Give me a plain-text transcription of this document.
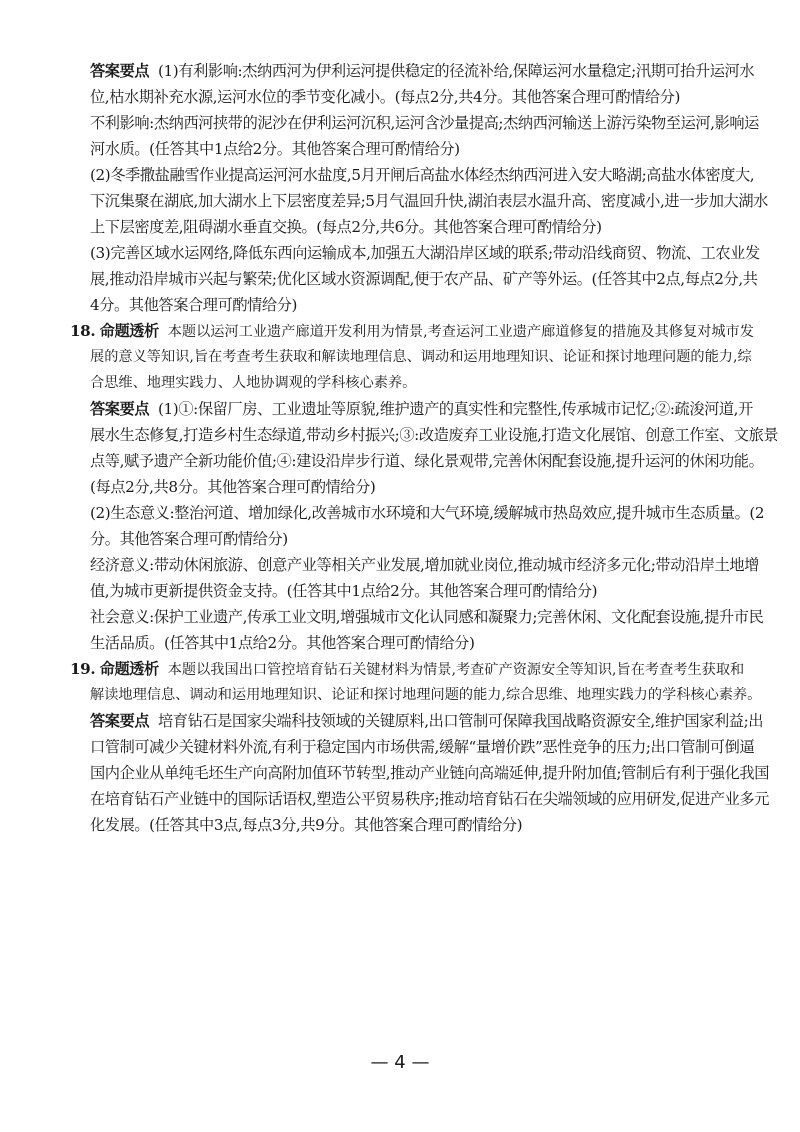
答案要点 (1)有利影响:杰纳西河为伊利运河提供稳定的径流补给,保障运河水量稳定;汛期可抬升运河水
位,枯水期补充水源,运河水位的季节变化减小。(每点2分,共4分。其他答案合理可酌情给分)
不利影响:杰纳西河挟带的泥沙在伊利运河沉积,运河含沙量提高;杰纳西河输送上游污染物至运河,影响运
河水质。(任答其中1点给2分。其他答案合理可酌情给分)
(2)冬季撒盐融雪作业提高运河河水盐度,5月开闸后高盐水体经杰纳西河进入安大略湖;高盐水体密度大,
下沉集聚在湖底,加大湖水上下层密度差异;5月气温回升快,湖泊表层水温升高、密度减小,进一步加大湖水
上下层密度差,阻碍湖水垂直交换。(每点2分,共6分。其他答案合理可酌情给分)
(3)完善区域水运网络,降低东西向运输成本,加强五大湖沿岸区域的联系;带动沿线商贸、物流、工农业发
展,推动沿岸城市兴起与繁荣;优化区域水资源调配,便于农产品、矿产等外运。(任答其中2点,每点2分,共
4分。其他答案合理可酌情给分)
18. 命题透析 本题以运河工业遗产廊道开发利用为情景,考查运河工业遗产廊道修复的措施及其修复对城市发
展的意义等知识,旨在考查考生获取和解读地理信息、调动和运用地理知识、论证和探讨地理问题的能力,综
合思维、地理实践力、人地协调观的学科核心素养。
答案要点 (1)①:保留厂房、工业遗址等原貌,维护遗产的真实性和完整性,传承城市记忆;②:疏浚河道,开
展水生态修复,打造乡村生态绿道,带动乡村振兴;③:改造废弃工业设施,打造文化展馆、创意工作室、文旅景
点等,赋予遗产全新功能价值;④:建设沿岸步行道、绿化景观带,完善休闲配套设施,提升运河的休闲功能。
(每点2分,共8分。其他答案合理可酌情给分)
(2)生态意义:整治河道、增加绿化,改善城市水环境和大气环境,缓解城市热岛效应,提升城市生态质量。(2
分。其他答案合理可酌情给分)
经济意义:带动休闲旅游、创意产业等相关产业发展,增加就业岗位,推动城市经济多元化;带动沿岸土地增
值,为城市更新提供资金支持。(任答其中1点给2分。其他答案合理可酌情给分)
社会意义:保护工业遗产,传承工业文明,增强城市文化认同感和凝聚力;完善休闲、文化配套设施,提升市民
生活品质。(任答其中1点给2分。其他答案合理可酌情给分)
19. 命题透析 本题以我国出口管控培育钻石关键材料为情景,考查矿产资源安全等知识,旨在考查考生获取和
解读地理信息、调动和运用地理知识、论证和探讨地理问题的能力,综合思维、地理实践力的学科核心素养。
答案要点 培育钻石是国家尖端科技领域的关键原料,出口管制可保障我国战略资源安全,维护国家利益;出
口管制可减少关键材料外流,有利于稳定国内市场供需,缓解“量增价跌”恶性竞争的压力;出口管制可倒逼
国内企业从单纯毛坯生产向高附加值环节转型,推动产业链向高端延伸,提升附加值;管制后有利于强化我国
在培育钻石产业链中的国际话语权,塑造公平贸易秩序;推动培育钻石在尖端领域的应用研发,促进产业多元
化发展。(任答其中3点,每点3分,共9分。其他答案合理可酌情给分)
— 4 —
